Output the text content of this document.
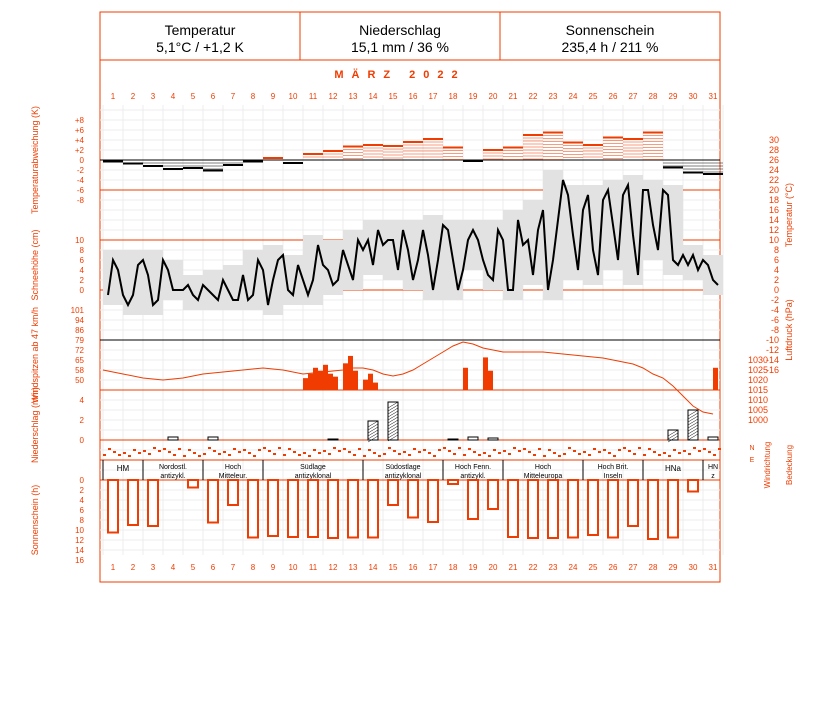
Temperatur
5,1°C / +1,2 K
Niederschlag
15,1 mm / 36 %
Sonnenschein
235,4 h / 211 %
MÄRZ 2022
1
1
2
2
3
3
4
4
5
5
6
6
7
7
8
8
9
9
10
10
11
11
12
12
13
13
14
14
15
15
16
16
17
17
18
18
19
19
20
20
21
21
22
22
23
23
24
24
25
25
26
26
27
27
28
28
29
29
30
30
31
31
+8
+6
+4
+2
0
-2
-4
-6
-8
Temperaturabweichung (K)	30
28
26
24
22
20
18
16
14
12
10
8
6
4
2
0
-2
-4
-6
-8
-10
-12
-14
-16
Temperatur (°C)
10
8
6
4
2
0
Schneehöhe (cm)
1030
1025
1020
1015
1010
1005
1000
Luftdruck (hPa)
101
94
86
79
72
65
58
50
Windspitzen ab 47 km/h	4
2
0
Niederschlag (mm)	N
E Windrichtung Bedeckung
HM	Nordostl.
antizykl.
Hoch
Mitteleur.
Südlage
antizyklonal
Südostlage
antizyklonal
Hoch Fenn.
antizykl.
Hoch
Mitteleuropa
Hoch Brit.
Inseln
HNa	HN
z
0
2
4
6
8
10
12
14
16
Sonnenschein (h)
